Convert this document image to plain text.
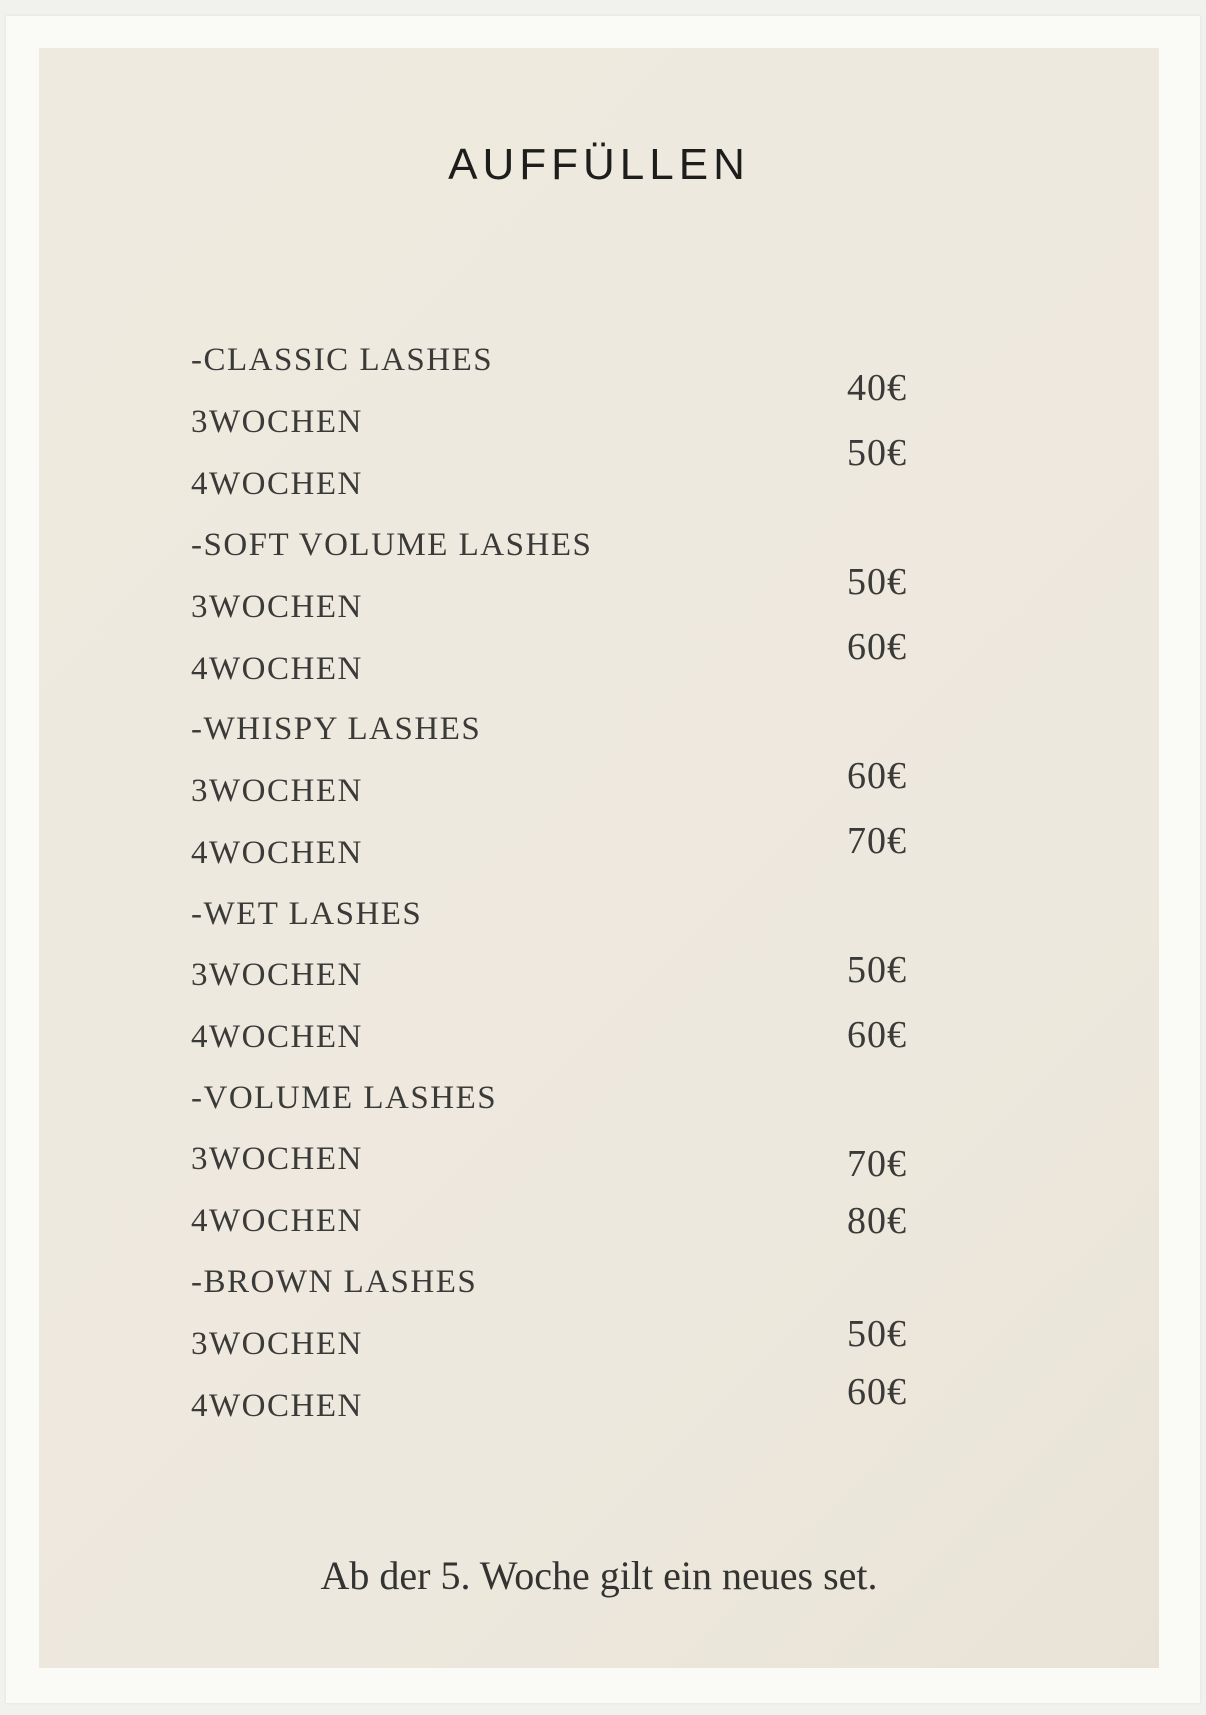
AUFFÜLLEN
-CLASSIC LASHES
3WOCHEN
4WOCHEN
40€
50€
-SOFT VOLUME LASHES
3WOCHEN
4WOCHEN
50€
60€
-WHISPY LASHES
3WOCHEN
4WOCHEN
60€
70€
-WET LASHES
3WOCHEN
4WOCHEN
50€
60€
-VOLUME LASHES
3WOCHEN
4WOCHEN
70€
80€
-BROWN LASHES
3WOCHEN
4WOCHEN
50€
60€
Ab der 5. Woche gilt ein neues set.
